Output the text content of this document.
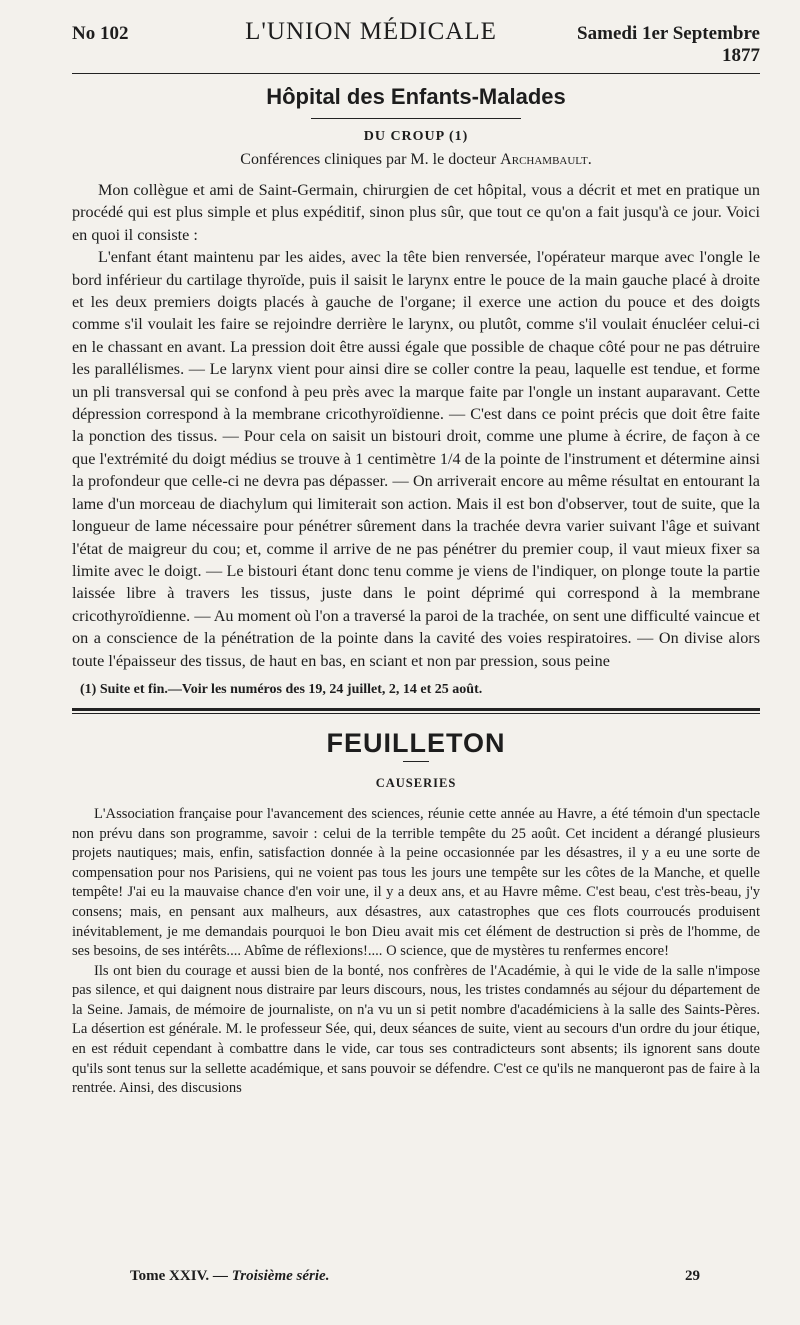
No 102	L'UNION MÉDICALE	Samedi 1er Septembre 1877
Hôpital des Enfants-Malades
DU CROUP (1)
Conférences cliniques par M. le docteur Archambault.

Mon collègue et ami de Saint-Germain, chirurgien de cet hôpital, vous a décrit et met en pratique un procédé qui est plus simple et plus expéditif, sinon plus sûr, que tout ce qu'on a fait jusqu'à ce jour. Voici en quoi il consiste :

L'enfant étant maintenu par les aides, avec la tête bien renversée, l'opérateur marque avec l'ongle le bord inférieur du cartilage thyroïde, puis il saisit le larynx entre le pouce de la main gauche placé à droite et les deux premiers doigts placés à gauche de l'organe; il exerce une action du pouce et des doigts comme s'il voulait les faire se rejoindre derrière le larynx, ou plutôt, comme s'il voulait énucléer celui-ci en le chassant en avant. La pression doit être aussi égale que possible de chaque côté pour ne pas détruire les parallélismes. — Le larynx vient pour ainsi dire se coller contre la peau, laquelle est tendue, et forme un pli transversal qui se confond à peu près avec la marque faite par l'ongle un instant auparavant. Cette dépression correspond à la membrane cricothyroïdienne. — C'est dans ce point précis que doit être faite la ponction des tissus. — Pour cela on saisit un bistouri droit, comme une plume à écrire, de façon à ce que l'extrémité du doigt médius se trouve à 1 centimètre 1/4 de la pointe de l'instrument et détermine ainsi la profondeur que celle-ci ne devra pas dépasser. — On arriverait encore au même résultat en entourant la lame d'un morceau de diachylum qui limiterait son action. Mais il est bon d'observer, tout de suite, que la longueur de lame nécessaire pour pénétrer sûrement dans la trachée devra varier suivant l'âge et suivant l'état de maigreur du cou; et, comme il arrive de ne pas pénétrer du premier coup, il vaut mieux fixer sa limite avec le doigt. — Le bistouri étant donc tenu comme je viens de l'indiquer, on plonge toute la partie laissée libre à travers les tissus, juste dans le point déprimé qui correspond à la membrane cricothyroïdienne. — Au moment où l'on a traversé la paroi de la trachée, on sent une difficulté vaincue et on a conscience de la pénétration de la pointe dans la cavité des voies respiratoires. — On divise alors toute l'épaisseur des tissus, de haut en bas, en sciant et non par pression, sous peine

(1) Suite et fin.—Voir les numéros des 19, 24 juillet, 2, 14 et 25 août.
FEUILLETON
CAUSERIES

L'Association française pour l'avancement des sciences, réunie cette année au Havre, a été témoin d'un spectacle non prévu dans son programme, savoir : celui de la terrible tempête du 25 août. Cet incident a dérangé plusieurs projets nautiques; mais, enfin, satisfaction donnée à la peine occasionnée par les désastres, il y a eu une sorte de compensation pour nos Parisiens, qui ne voient pas tous les jours une tempête sur les côtes de la Manche, et quelle tempête! J'ai eu la mauvaise chance d'en voir une, il y a deux ans, et au Havre même. C'est beau, c'est très-beau, j'y consens; mais, en pensant aux malheurs, aux désastres, aux catastrophes que ces flots courroucés produisent inévitablement, je me demandais pourquoi le bon Dieu avait mis cet élément de destruction si près de l'homme, de ses besoins, de ses intérêts.... Abîme de réflexions!.... O science, que de mystères tu renfermes encore!

Ils ont bien du courage et aussi bien de la bonté, nos confrères de l'Académie, à qui le vide de la salle n'impose pas silence, et qui daignent nous distraire par leurs discours, nous, les tristes condamnés au séjour du département de la Seine. Jamais, de mémoire de journaliste, on n'a vu un si petit nombre d'académiciens à la salle des Saints-Pères. La désertion est générale. M. le professeur Sée, qui, deux séances de suite, vient au secours d'un ordre du jour étique, en est réduit cependant à combattre dans le vide, car tous ses contradicteurs sont absents; ils ignorent sans doute qu'ils sont tenus sur la sellette académique, et sans pouvoir se défendre. C'est ce qu'ils ne manqueront pas de faire à la rentrée. Ainsi, des discusions

Tome XXIV. — Troisième série.	29
